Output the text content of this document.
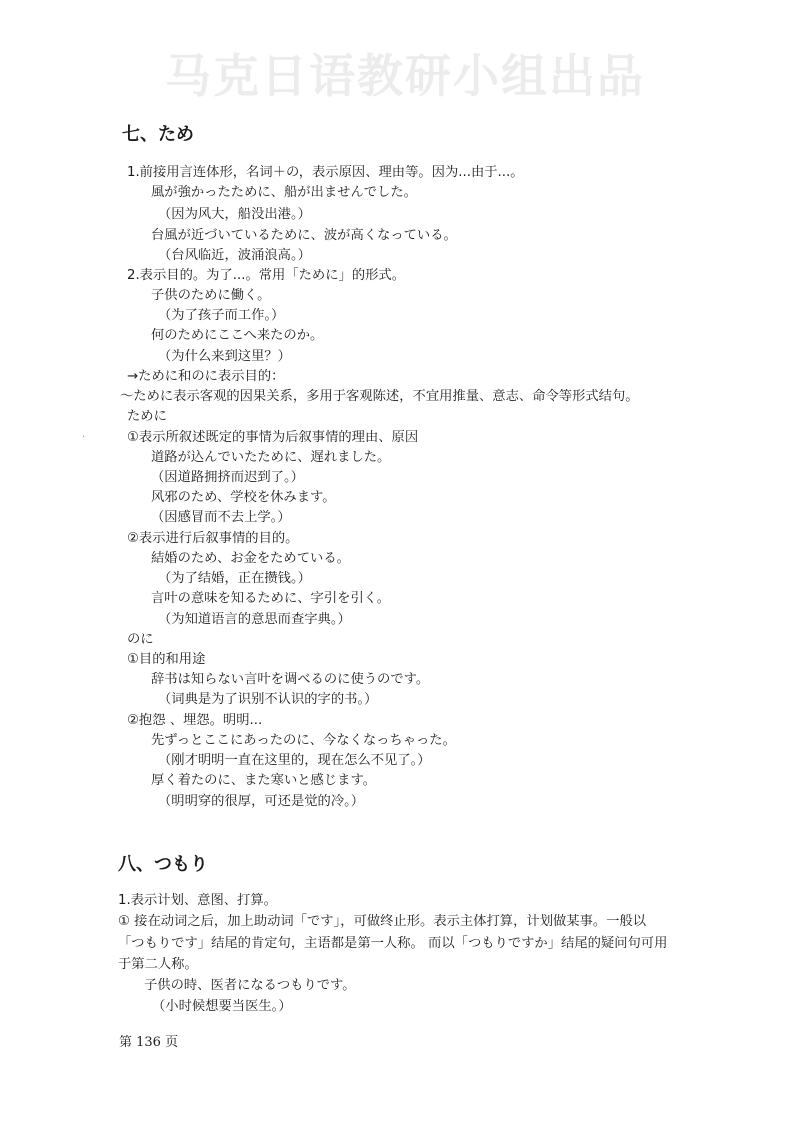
马克日语教研小组出品
·
七、ため
1.前接用言连体形，名词＋の，表示原因、理由等。因为...由于...。
風が強かったために、船が出ませんでした。
（因为风大，船没出港。）
台風が近づいているために、波が高くなっている。
（台风临近，波涌浪高。）
2.表示目的。为了...。常用「ために」的形式。
子供のために働く。
（为了孩子而工作。）
何のためにここへ来たのか。
（为什么来到这里？）
→ために和のに表示目的：
～ために表示客观的因果关系，多用于客观陈述，不宜用推量、意志、命令等形式结句。
ために
①表示所叙述既定的事情为后叙事情的理由、原因
道路が込んでいたために、遅れました。
（因道路拥挤而迟到了。）
风邪のため、学校を休みます。
（因感冒而不去上学。）
②表示进行后叙事情的目的。
結婚のため、お金をためている。
（为了结婚，正在攒钱。）
言叶の意味を知るために、字引を引く。
（为知道语言的意思而查字典。）
のに
①目的和用途
辞书は知らない言叶を调べるのに使うのです。
（词典是为了识别不认识的字的书。）
②抱怨 、埋怨。明明...
先ずっとここにあったのに、今なくなっちゃった。
（刚才明明一直在这里的，现在怎么不见了。）
厚く着たのに、また寒いと感じます。
（明明穿的很厚，可还是觉的冷。）
八、つもり
1.表示计划、意图、打算。
① 接在动词之后，加上助动词「です」，可做终止形。表示主体打算，计划做某事。一般以
「つもりです」结尾的肯定句，主语都是第一人称。 而以「つもりですか」结尾的疑问句可用
于第二人称。
子供の時、医者になるつもりです。
（小时候想要当医生。）
第 136 页
